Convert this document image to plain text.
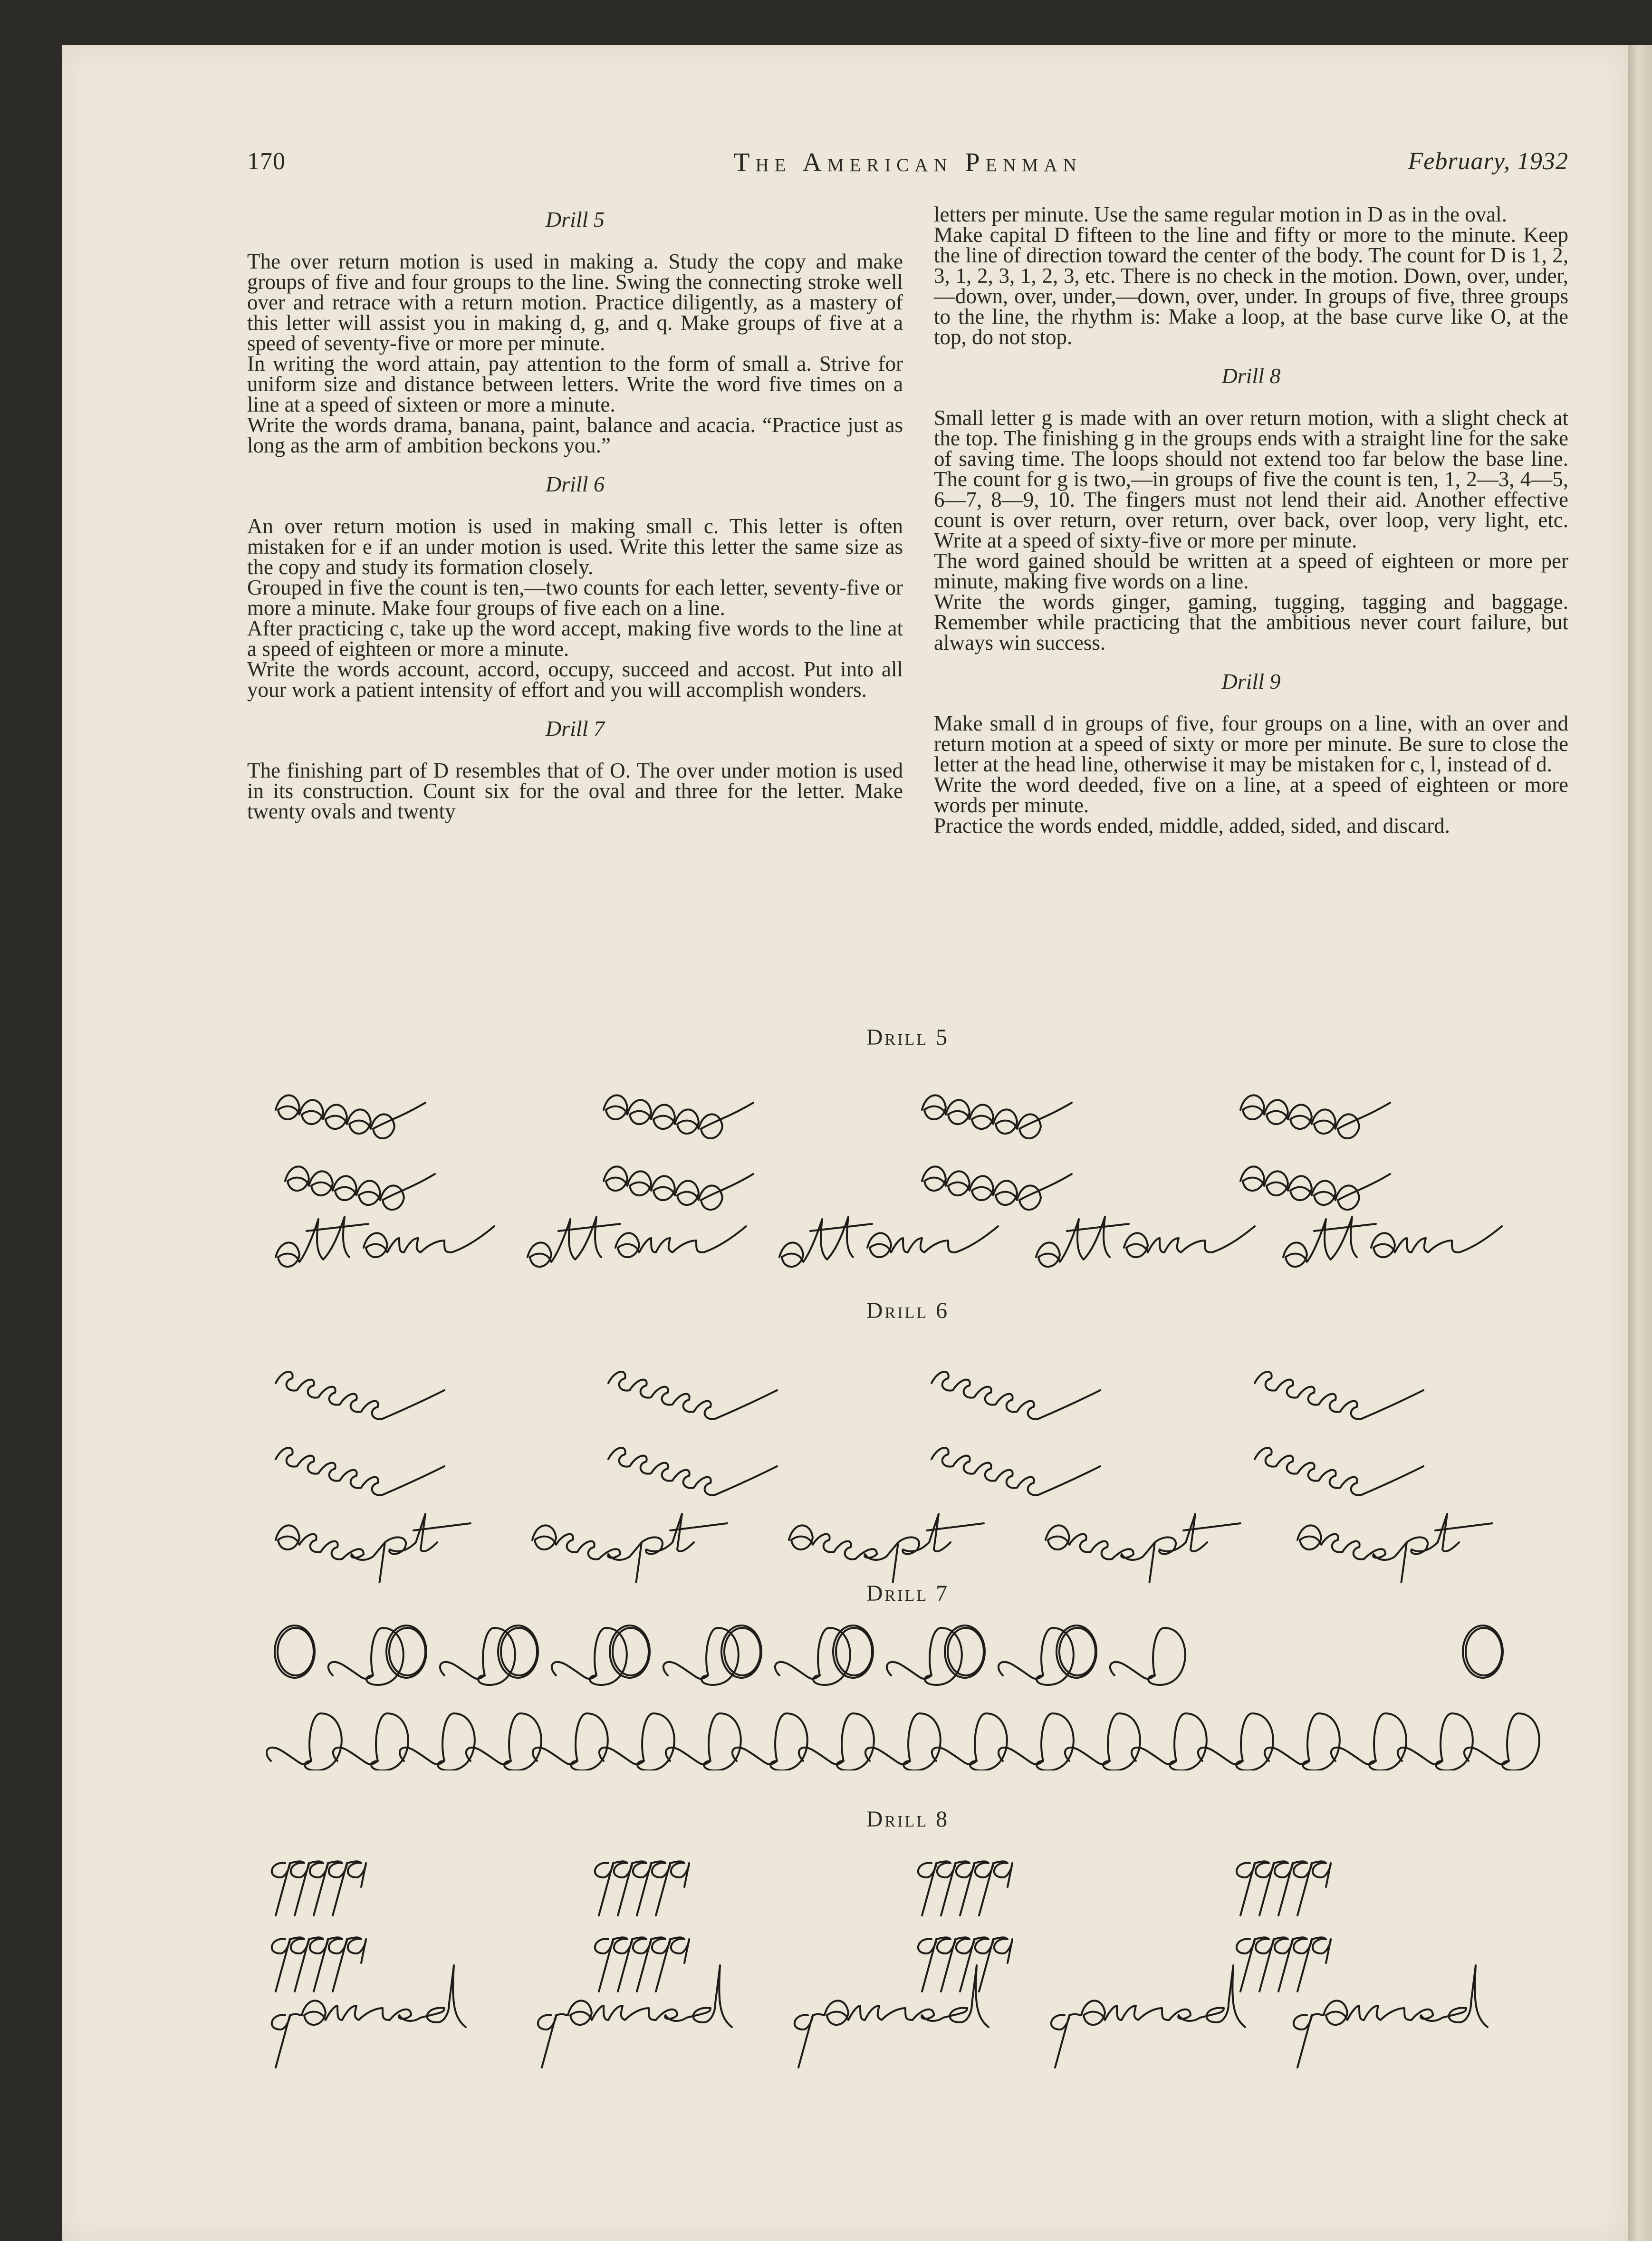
170	The American Penman	February, 1932
Drill 5

The over return motion is used in making a. Study the copy and make groups of five and four groups to the line. Swing the connecting stroke well over and retrace with a return motion. Practice diligently, as a mastery of this letter will assist you in making d, g, and q. Make groups of five at a speed of seventy-five or more per minute.

In writing the word attain, pay attention to the form of small a. Strive for uniform size and distance between letters. Write the word five times on a line at a speed of sixteen or more a minute.

Write the words drama, banana, paint, balance and acacia. “Practice just as long as the arm of ambition beckons you.”

Drill 6

An over return motion is used in making small c. This letter is often mistaken for e if an under motion is used. Write this letter the same size as the copy and study its formation closely.

Grouped in five the count is ten,—two counts for each letter, seventy-five or more a minute. Make four groups of five each on a line.

After practicing c, take up the word accept, making five words to the line at a speed of eighteen or more a minute.

Write the words account, accord, occupy, succeed and accost. Put into all your work a patient intensity of effort and you will accomplish wonders.

Drill 7

The finishing part of D resembles that of O. The over under motion is used in its construction. Count six for the oval and three for the letter. Make twenty ovals and twenty

letters per minute. Use the same regular motion in D as in the oval.

Make capital D fifteen to the line and fifty or more to the minute. Keep the line of direction toward the center of the body. The count for D is 1, 2, 3, 1, 2, 3, 1, 2, 3, etc. There is no check in the motion. Down, over, under,—down, over, under,—down, over, under. In groups of five, three groups to the line, the rhythm is: Make a loop, at the base curve like O, at the top, do not stop.

Drill 8

Small letter g is made with an over return motion, with a slight check at the top. The finishing g in the groups ends with a straight line for the sake of saving time. The loops should not extend too far below the base line. The count for g is two,—in groups of five the count is ten, 1, 2—3, 4—5, 6—7, 8—9, 10. The fingers must not lend their aid. Another effective count is over return, over return, over back, over loop, very light, etc. Write at a speed of sixty-five or more per minute.

The word gained should be written at a speed of eighteen or more per minute, making five words on a line.

Write the words ginger, gaming, tugging, tagging and baggage. Remember while practicing that the ambitious never court failure, but always win success.

Drill 9

Make small d in groups of five, four groups on a line, with an over and return motion at a speed of sixty or more per minute. Be sure to close the letter at the head line, otherwise it may be mistaken for c, l, instead of d.

Write the word deeded, five on a line, at a speed of eighteen or more words per minute.

Practice the words ended, middle, added, sided, and discard.

Drill 5
Drill 6
Drill 7
Drill 8
